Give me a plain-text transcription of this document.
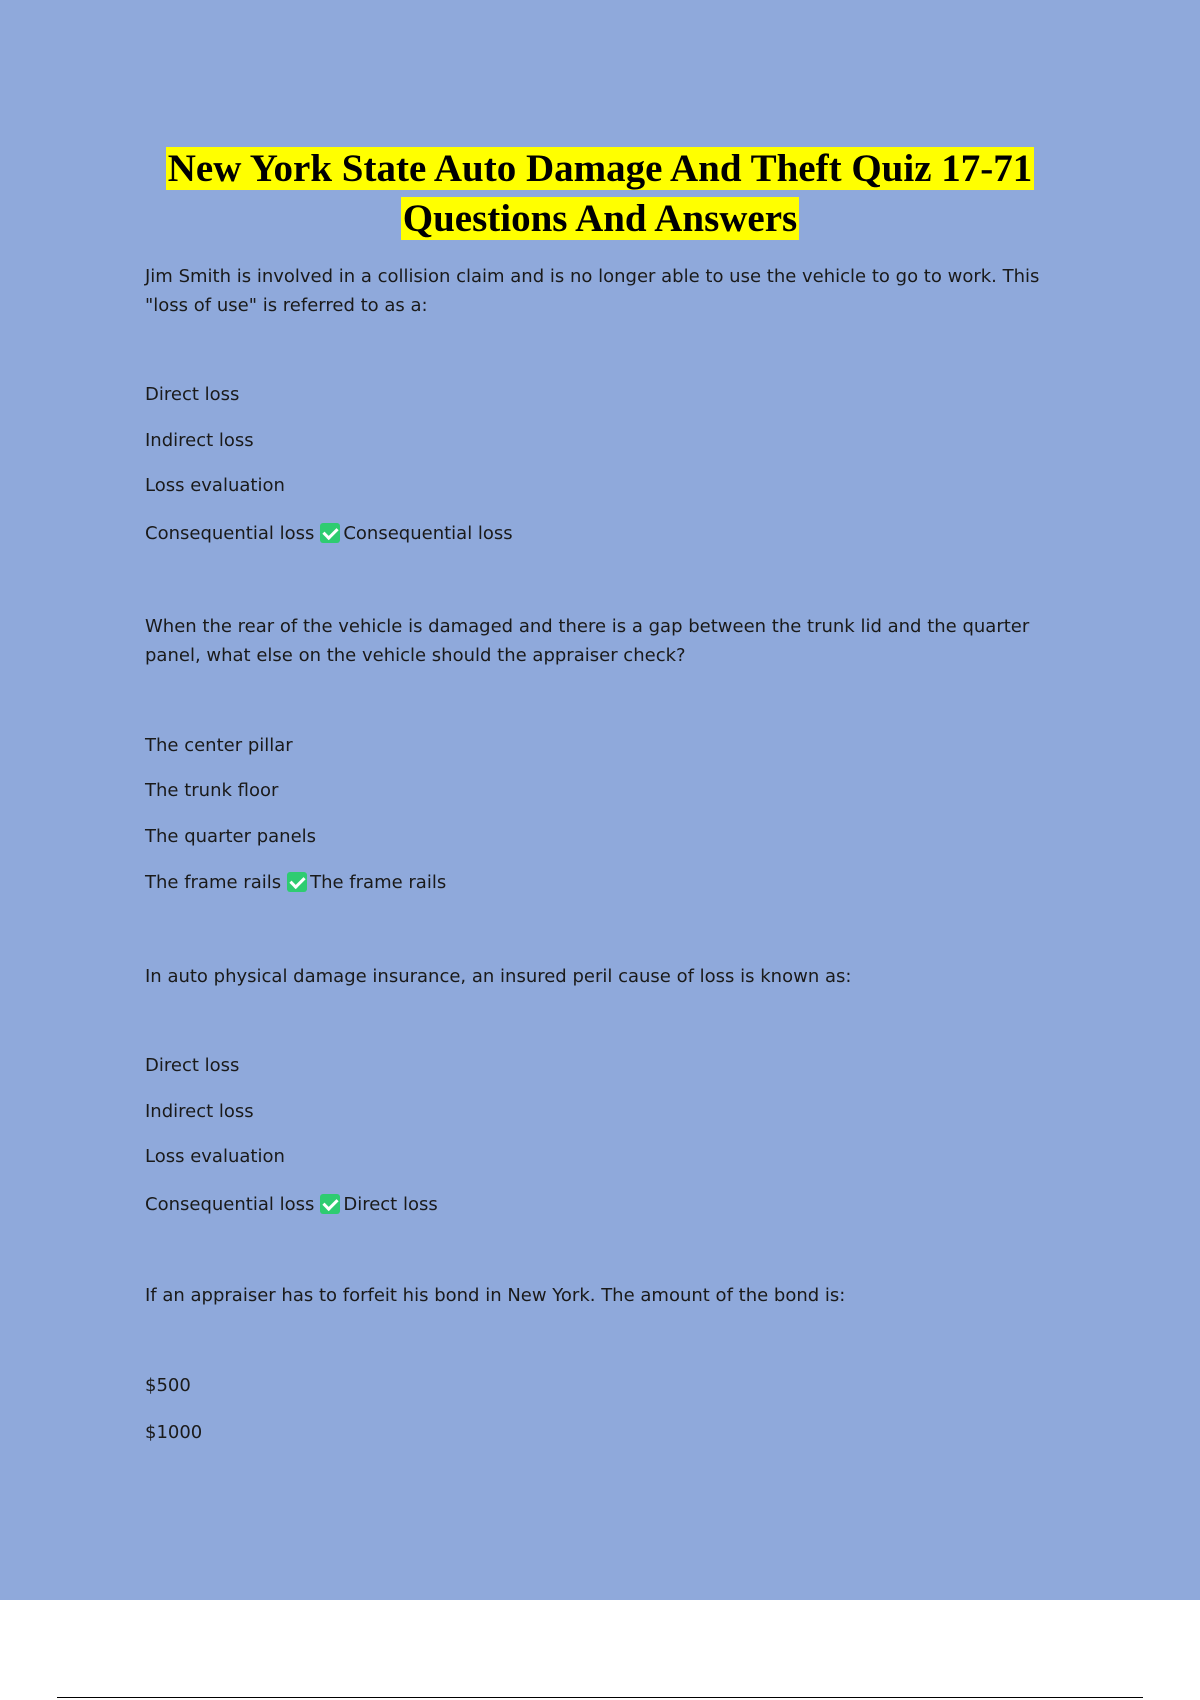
New York State Auto Damage And Theft Quiz 17-71
Questions And Answers
Jim Smith is involved in a collision claim and is no longer able to use the vehicle to go to work. This "loss of use" is referred to as a:
Direct loss
Indirect loss
Loss evaluation
Consequential loss Consequential loss
When the rear of the vehicle is damaged and there is a gap between the trunk lid and the quarter panel, what else on the vehicle should the appraiser check?
The center pillar
The trunk floor
The quarter panels
The frame rails The frame rails
In auto physical damage insurance, an insured peril cause of loss is known as:
Direct loss
Indirect loss
Loss evaluation
Consequential loss Direct loss
If an appraiser has to forfeit his bond in New York. The amount of the bond is:
$500
$1000
